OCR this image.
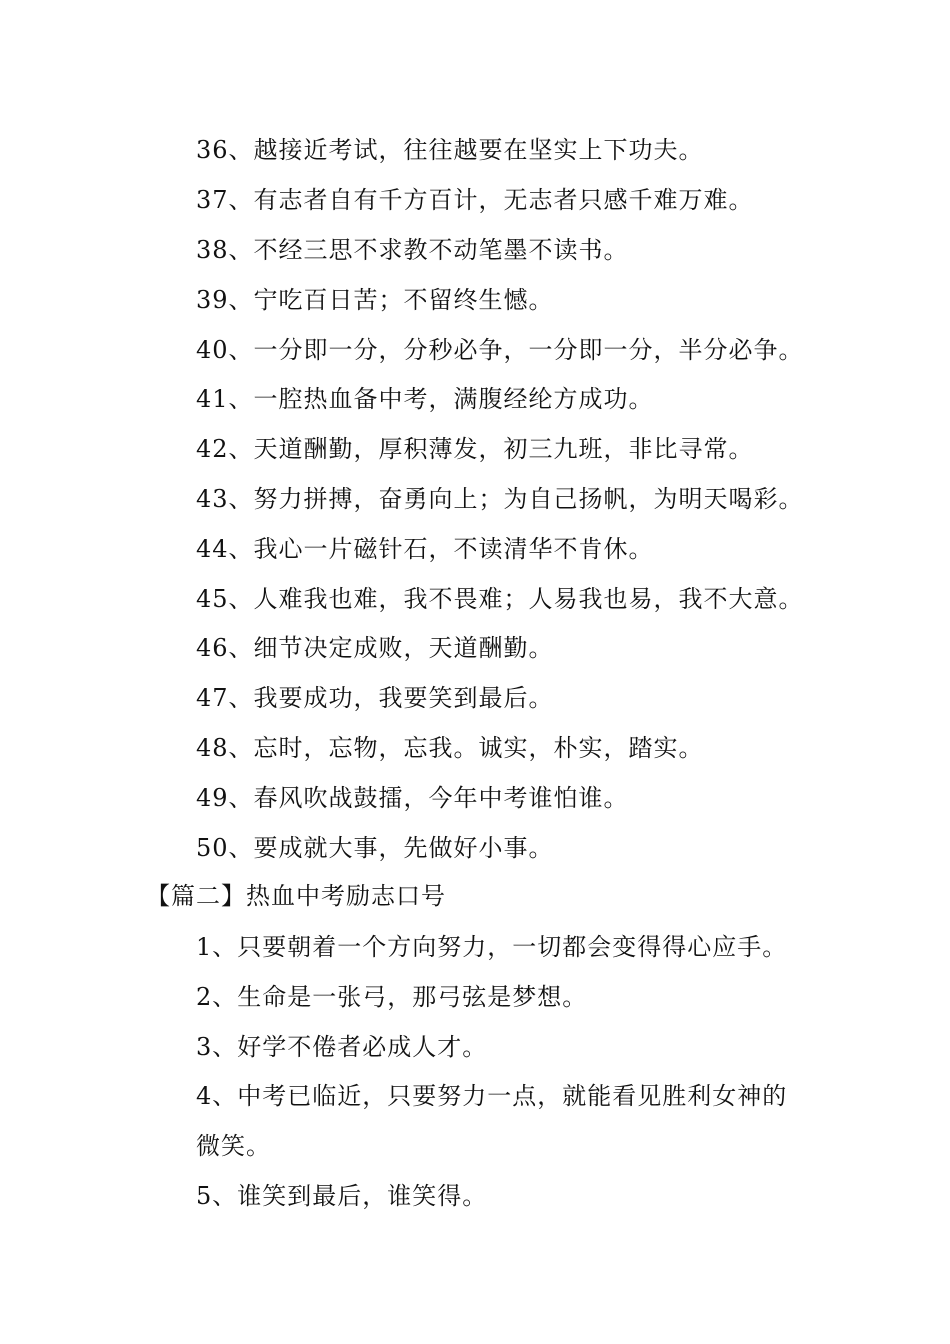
36、越接近考试，往往越要在坚实上下功夫。
37、有志者自有千方百计，无志者只感千难万难。
38、不经三思不求教不动笔墨不读书。
39、宁吃百日苦；不留终生憾。
40、一分即一分，分秒必争，一分即一分，半分必争。
41、一腔热血备中考，满腹经纶方成功。
42、天道酬勤，厚积薄发，初三九班，非比寻常。
43、努力拼搏，奋勇向上；为自己扬帆，为明天喝彩。
44、我心一片磁针石，不读清华不肯休。
45、人难我也难，我不畏难；人易我也易，我不大意。
46、细节决定成败，天道酬勤。
47、我要成功，我要笑到最后。
48、忘时，忘物，忘我。诚实，朴实，踏实。
49、春风吹战鼓擂，今年中考谁怕谁。
50、要成就大事，先做好小事。
【篇二】热血中考励志口号
1、只要朝着一个方向努力，一切都会变得得心应手。
2、生命是一张弓，那弓弦是梦想。
3、好学不倦者必成人才。
4、中考已临近，只要努力一点，就能看见胜利女神的
微笑。
5、谁笑到最后，谁笑得。
